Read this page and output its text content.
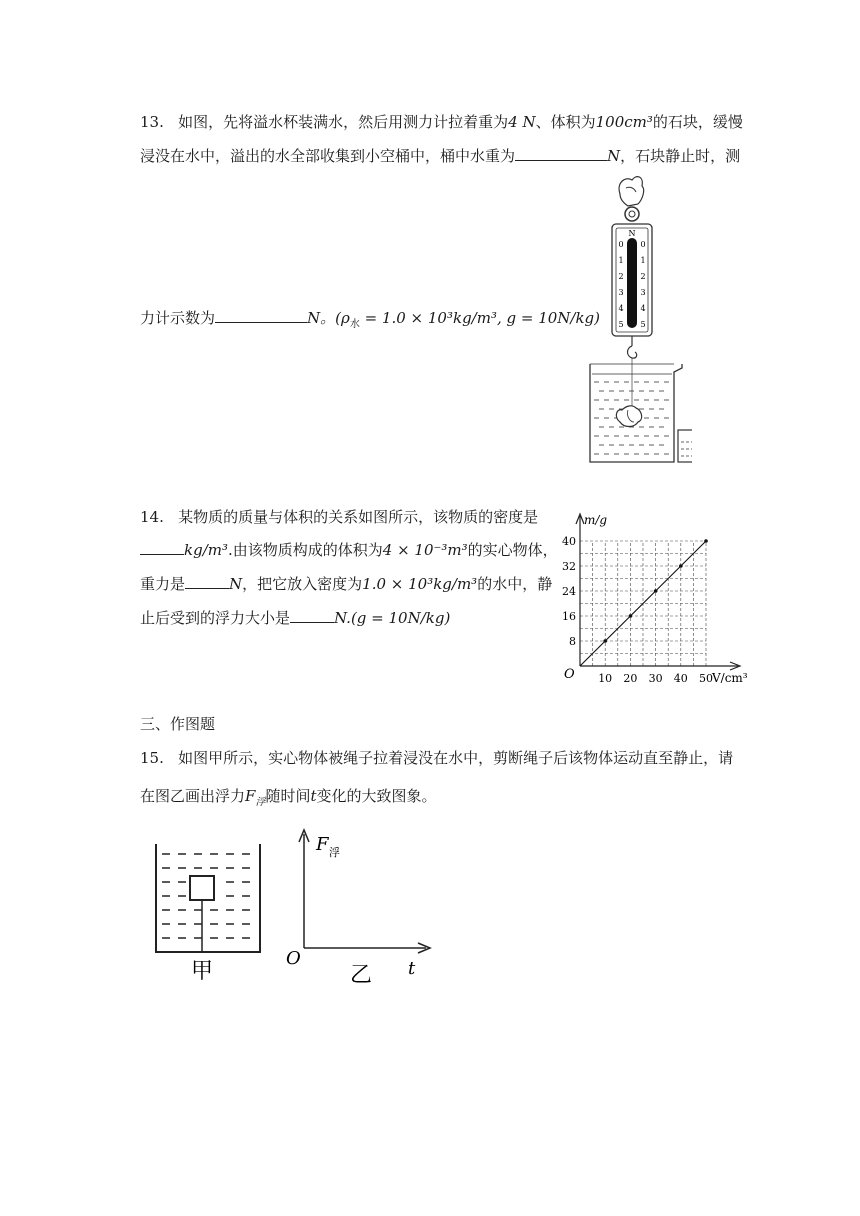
13. 如图，先将溢水杯装满水，然后用测力计拉着重为4 N、体积为100cm³的石块，缓慢
浸没在水中，溢出的水全部收集到小空桶中，桶中水重为	N，石块静止时，测
力计示数为	N。($\rho_水 = 1.0 \times 10^3kg/m^3$, g = 10N/kg)
N
0
1
2
3
4
5
0
1
2
3
4
5
14. 某物质的质量与体积的关系如图所示，该物质的密度是
kg/m³.由该物质构成的体积为4 × 10⁻³m³的实心物体，
重力是	N，把它放入密度为1.0 × 10³kg/m³的水中，静
止后受到的浮力大小是	N.(g = 10N/kg)
10 20 30 40 50
8
16
24
32
40
m/g
V/cm³
O
三、作图题
15. 如图甲所示，实心物体被绳子拉着浸没在水中，剪断绳子后该物体运动直至静止，请
在图乙画出浮力$F_浮$随时间t变化的大致图象。
甲
F 浮
t
O
乙
